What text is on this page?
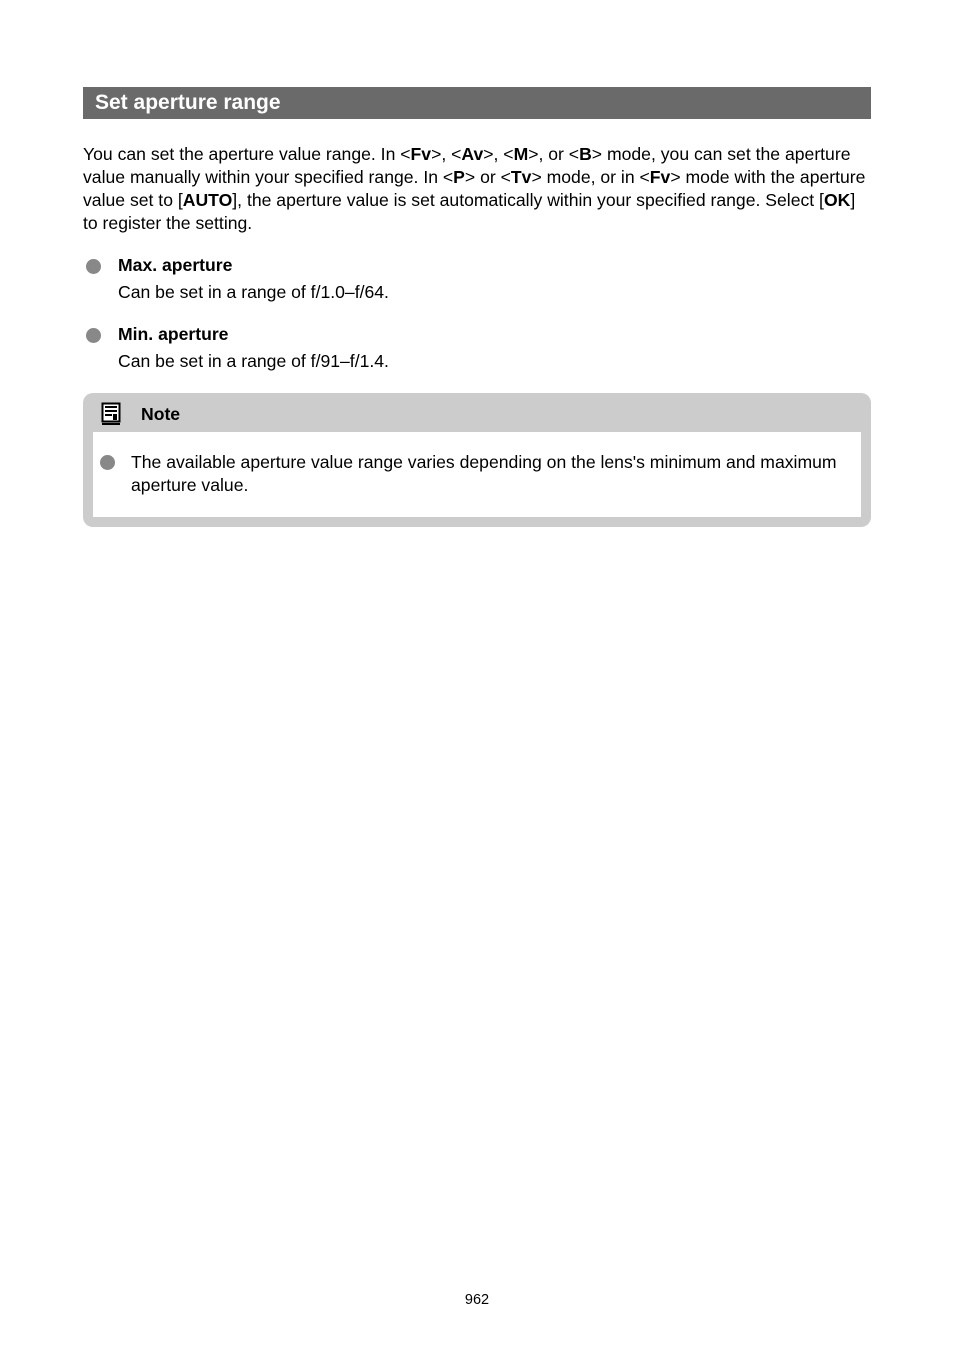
Set aperture range

You can set the aperture value range. In <Fv>, <Av>, <M>, or <B> mode, you can set the aperture value manually within your specified range. In <P> or <Tv> mode, or in <Fv> mode with the aperture value set to [AUTO], the aperture value is set automatically within your specified range. Select [OK] to register the setting.

Max. aperture
Can be set in a range of f/1.0–f/64.
Min. aperture
Can be set in a range of f/91–f/1.4.
Note
The available aperture value range varies depending on the lens's minimum and maximum aperture value.
962
